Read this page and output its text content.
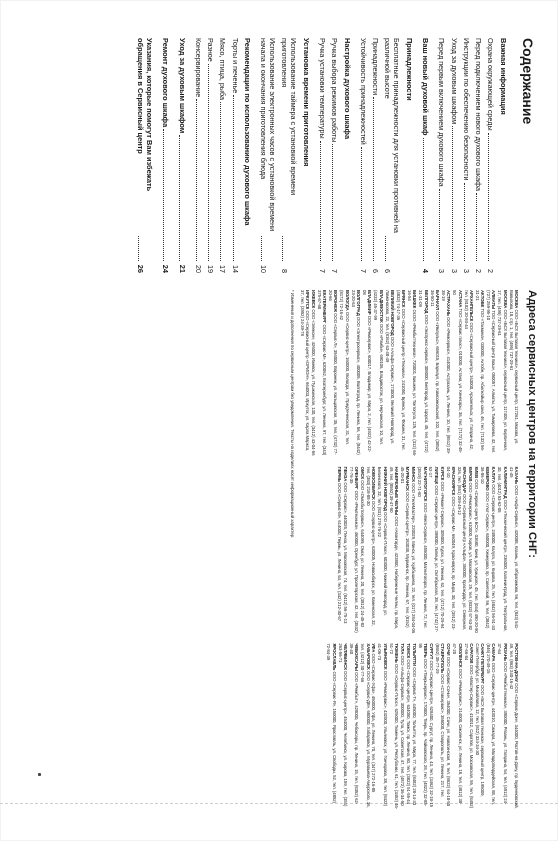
Содержание
Важная информация
Охрана окружающей среды
2
Перед подключением нового духового шкафа
2
Инструкции по обеспечению безопасности
3
Уход за духовым шкафом
3
Перед первым включением духового шкафа
3
Ваш новый духовой шкаф
4
Принадлежности
Бесплатные принадлежности для установки противней на различной высоте
6
Принадлежности
6
Устойчивость принадлежностей
7
Настройка духового шкафа
Ручка выбора режимов работы
7
Ручка установки температуры
7
Установка времени приготовления
Использование таймера с установкой времени приготовления
8
Использование электронных часов с установкой времени начала и окончания приготовления блюда
10
Рекомендации по использованию духового шкафа
Торты и печенье
14
Мясо, птица, рыба
17
Разное
19
Консервирование
20
Уход за духовым шкафом
21
Ремонт духового шкафа
24
Указания, которые помогут Вам избежать обращения в Сервисный центр
26
Адреса сервисных центров на территории СНГ:
МОСКВА ООО «БСХ Бытовая техника», сервисный центр, 117261, Москва, ул. Вавилова, 18, стр. 1, тел. (495) 737-29-61
МОСКВА ООО «БСХ Бытовая техника», сервисный центр, 117405, ул. Кирпичная, 17, тел. (495) 737-29-61
АЛМАТЫ ТОО «Сервисный Центр Бош», 050057, Алматы, ул. Тимирязева, 42, тел. (727) 259-95-10
АКТОБЕ ТОО «Тахмина», 030000, Актобе, пр. Абилкайыр хана, 46, тел. (7132) 56-31-21
АРХАНГЕЛЬСК ООО «Сервисный центр», 163000, Архангельск, ул. Гагарина, 42, тел. (8182) 20-93-44
АСТАНА ТОО «Сервис плюс», 010000, Астана, ул. Кенесары, 36, тел. (7172) 32-45-50
АСТРАХАНЬ ООО «Ремсервис», 414000, Астрахань, ул. Ленина, 10, тел. (8512) 39-38-19
БАРНАУЛ ООО «Импульс», 656015, Барнаул, пр. Комсомольский, 102, тел. (3852) 36-50-11
БЕЛГОРОД ООО «Экспресс-сервис», 308000, Белгород, ул. Щорса, 45, тел. (4722) 31-31-09
БИШКЕК ОсОО «Рембыттехника», 720001, Бишкек, ул. Токтогула, 125, тел. (312) 66-16-54
БРЯНСК ООО «Сервисный центр «Техника», 241050, Брянск, ул. Фокина, 31, тел. (4832) 74-17-36
ВЕЛИКИЙ НОВГОРОД ООО «Альфа-Сервис», 173000, Великий Новгород, ул. Ломоносова, 22, тел. (8162) 63-48-49
ВЛАДИВОСТОК ООО «Рэмби», 690106, Владивосток, ул. Нерчинская, 10, тел. (4232) 45-37-99
ВЛАДИМИР ООО «Ремсервис», 600017, Владимир, ул. Мира, 2, тел. (4922) 42-22-08
ВОЛГОГРАД ООО «Электросервис», 400005, Волгоград, пр. Ленина, 56, тел. (8442) 23-20-63
ВОЛОГДА ООО «Сервис-центр», 160000, Вологда, ул. Предтеченская, 31, тел. (8172) 72-16-42
ВОРОНЕЖ ООО «Сервис-Л», 394000, Воронеж, ул. Кольцовская, 35, тел. (4732) 77-20-66
ЕКАТЕРИНБУРГ ООО «Сервис-М», 620062, Екатеринбург, ул. Ленина, 97, тел. (343) 375-67-68
ИЖЕВСК ООО «Элекон», 426000, Ижевск, ул. Пушкинская, 130, тел. (3412) 43-04-56
ИРКУТСК ООО «Сервисный центр «ОРИОН», 664003, Иркутск, ул. Карла Маркса, 37, тел. (3952) 24-39-78
КАЗАНЬ ООО «Акфа-Сервис», 420088, Казань, ул. Ибрагимова, 56, тел. (843) 541-41-45
КАЛИНИНГРАД ООО «Технический центр», 236000, Калининград, ул. Театральная, 30, тел. (4012) 53-62-05
КАЛУГА ООО «Сервис-центр», 248000, Калуга, ул. Кирова, 25, тел. (4842) 56-51-33
КЕМЕРОВО ООО «Уют-Сервис», 650000, Кемерово, пр. Советский, 56, тел. (3842) 36-86-10
КИЕВ ООО «Сервис-Центр БСХ», 03680, Киев, ул. Урицкого, 45, тел. (044) 490-20-90
КИРОВ ООО «Ремсервис», 610000, Киров, ул. Московская, 25, тел. (8332) 67-53-82
КРАСНОДАР ООО «Сервисный центр «Альфа», 350000, Краснодар, ул. Северная, 326, тел. (861) 259-49-12
КРАСНОЯРСК ООО «Сервис-М», 660049, Красноярск, пр. Мира, 30, тел. (3912) 23-04-10
КУРСК ООО «Ремонт-Сервис», 305000, Курск, ул. Ленина, 62, тел. (4712) 70-29-94
ЛИПЕЦК ООО «Сервис-центр», 398000, Липецк, ул. Октябрьская, 38, тел. (4742) 27-52-17
МАГНИТОГОРСК ООО «Вега-Сервис», 455000, Магнитогорск, пр. Ленина, 72, тел. (3519) 22-71-60
МИНСК ООО «ТелеМастер», 220029, Минск, ул. Куйбышева, 22, тел. (017) 284-04-06
МУРМАНСК ООО «Сервис-Центр», 183038, Мурманск, пр. Ленина, 67, тел. (8152) 45-20-01
НАБЕРЕЖНЫЕ ЧЕЛНЫ ООО «Авангард», 423800, Набережные Челны, пр. Мира, 49, тел. (8552) 39-47-50
НИЖНИЙ НОВГОРОД ООО «Сервис-Плюс», 603000, Нижний Новгород, ул. Белинского, 32, тел. (831) 278-76-22
НОВОСИБИРСК ООО «Сервис-центр», 630005, Новосибирск, ул. Каменская, 32, тел. (383) 218-88-30
ОМСК ООО «Омскбытсервис», 644099, Омск, ул. Ленина, 20, тел. (3812) 24-45-82
ОРЕНБУРГ ООО «Ремтехника», 460000, Оренбург, ул. Пролетарская, 42, тел. (3532) 77-76-35
ПЕНЗА ООО «Сервис», 440026, Пенза, ул. Московская, 74, тел. (8412) 56-75-13
ПЕРМЬ ООО «Сервис-М», 614000, Пермь, ул. Ленина, 64, тел. (342) 212-30-67
РОСТОВ-НА-ДОНУ ООО «Сервис-Дон», 344000, Ростов-на-Дону, пр. Буденновский, 49, тел. (863) 240-16-42
РЯЗАНЬ ООО «Рембыттехника», 390000, Рязань, ул. Гагарина, 54, тел. (4912) 24-37-64
САМАРА ООО «Сервис-центр», 443010, Самара, ул. Молодогвардейская, 88, тел. (846) 270-49-15
САНКТ-ПЕТЕРБУРГ ООО «БСХ Бытовая техника», сервисный центр, 195009, Санкт-Петербург, ул. Михайлова, 12, тел. (812) 324-34-30
САРАТОВ ООО «Мастер-Сервис», 410012, Саратов, ул. Московская, 55, тел. (8452) 27-66-84
СМОЛЕНСК ООО «Ремсервис», 214000, Смоленск, ул. Ленина, 18, тел. (4812) 38-47-20
СОЧИ ООО «Сервис-Сочи», 354000, Сочи, ул. Навагинская, 9, тел. (8622) 64-18-50
СТАВРОПОЛЬ ООО «Ставсервис», 355000, Ставрополь, ул. Ленина, 217, тел. (8652) 35-77-29
СУРГУТ ООО «Сервис-Центр», 628400, Сургут, пр. Ленина, 43, тел. (3462) 32-18-15
ТВЕРЬ ООО «Тверьсервис», 170000, Тверь, пр. Чайковского, 28, тел. (4822) 32-85-95
ТОЛЬЯТТИ ООО «Сервис-Т», 445000, Тольятти, ул. Мира, 77, тел. (8482) 28-14-33
ТОМСК ООО «Сервис-центр», 634050, Томск, пр. Ленина, 80, тел. (3822) 51-55-44
ТУЛА ООО «Альфа-Сервис», 300000, Тула, ул. Советская, 47, тел. (4872) 36-34-50
ТЮМЕНЬ ООО «Сервис-Плюс», 625000, Тюмень, ул. Республики, 61, тел. (3452) 46-51-72
УЛЬЯНОВСК ООО «Ремсервис», 432000, Ульяновск, ул. Гончарова, 38, тел. (8422) 41-06-73
УФА ООО «Сервис-Уфа», 450000, Уфа, ул. Ленина, 70, тел. (347) 272-16-85
ХАБАРОВСК ООО «Сервис-ДВ», 680000, Хабаровск, ул. Муравьева-Амурского, 36, тел. (4212) 30-77-66
ЧЕБОКСАРЫ ООО «Рембыт», 428000, Чебоксары, пр. Ленина, 15, тел. (8352) 62-39-40
ЧЕЛЯБИНСК ООО «Сервис-центр», 454000, Челябинск, ул. Кирова, 159, тел. (351) 263-56-71
ЯРОСЛАВЛЬ ООО «Сервис-Я», 150000, Ярославль, ул. Свободы, 52, тел. (4852) 72-84-39
* Изменения и дополнения по сервисным центрам без уведомления. Тексты на изделиях носят информационный характер.
